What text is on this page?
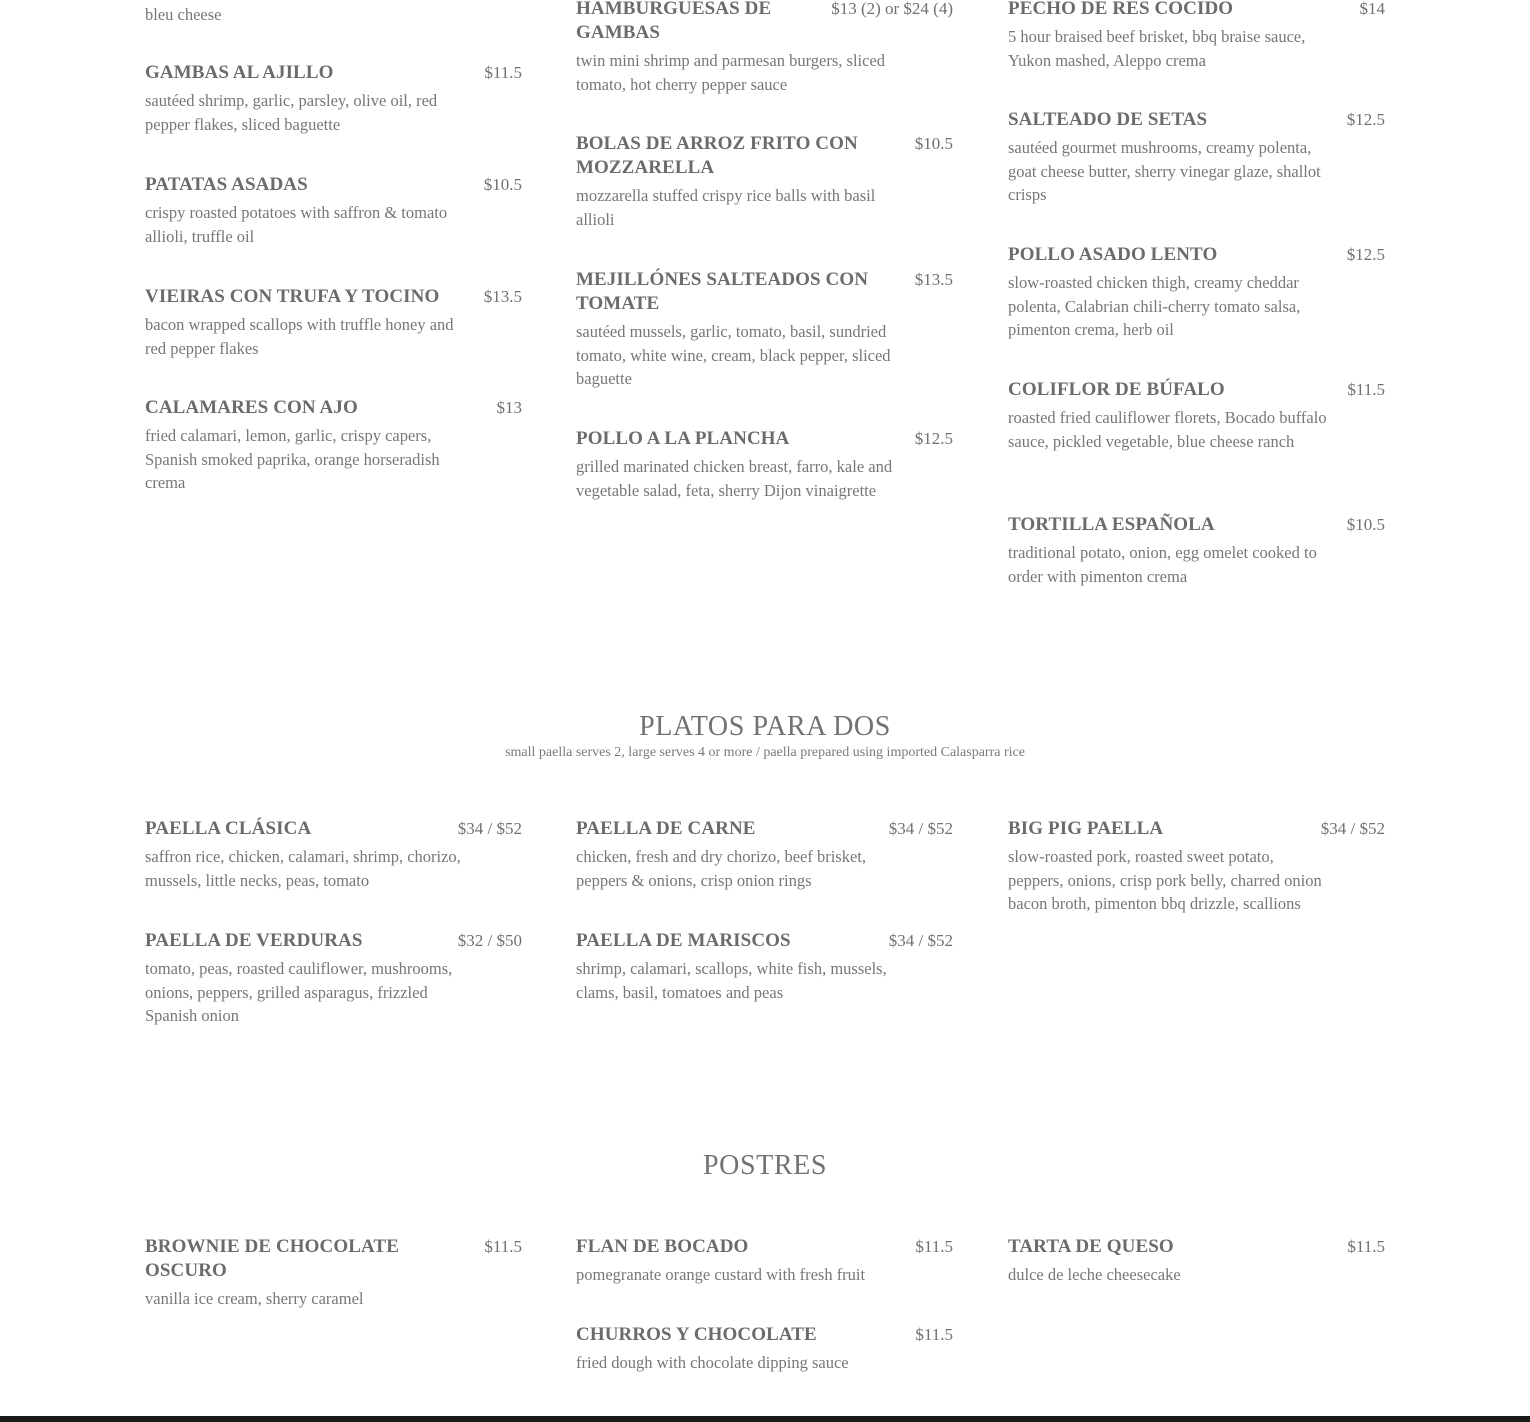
bleu cheese
GAMBAS AL AJILLO	$11.5
sautéed shrimp, garlic, parsley, olive oil, red pepper flakes, sliced baguette
PATATAS ASADAS	$10.5
crispy roasted potatoes with saffron & tomato allioli, truffle oil
VIEIRAS CON TRUFA Y TOCINO	$13.5
bacon wrapped scallops with truffle honey and red pepper flakes
CALAMARES CON AJO	$13
fried calamari, lemon, garlic, crispy capers, Spanish smoked paprika, orange horseradish crema
HAMBURGUESAS DE GAMBAS
$13 (2) or $24 (4)
twin mini shrimp and parmesan burgers, sliced tomato, hot cherry pepper sauce
BOLAS DE ARROZ FRITO CON MOZZARELLA
$10.5
mozzarella stuffed crispy rice balls with basil allioli
MEJILLÓNES SALTEADOS CON TOMATE
$13.5
sautéed mussels, garlic, tomato, basil, sundried tomato, white wine, cream, black pepper, sliced baguette
POLLO A LA PLANCHA	$12.5
grilled marinated chicken breast, farro, kale and vegetable salad, feta, sherry Dijon vinaigrette
PECHO DE RES COCIDO	$14
5 hour braised beef brisket, bbq braise sauce, Yukon mashed, Aleppo crema
SALTEADO DE SETAS	$12.5
sautéed gourmet mushrooms, creamy polenta, goat cheese butter, sherry vinegar glaze, shallot crisps
POLLO ASADO LENTO	$12.5
slow-roasted chicken thigh, creamy cheddar polenta, Calabrian chili-cherry tomato salsa, pimenton crema, herb oil
COLIFLOR DE BÚFALO	$11.5
roasted fried cauliflower florets, Bocado buffalo sauce, pickled vegetable, blue cheese ranch
TORTILLA ESPAÑOLA	$10.5
traditional potato, onion, egg omelet cooked to order with pimenton crema
PLATOS PARA DOS
small paella serves 2, large serves 4 or more / paella prepared using imported Calasparra rice
PAELLA CLÁSICA	$34 / $52
saffron rice, chicken, calamari, shrimp, chorizo, mussels, little necks, peas, tomato
PAELLA DE VERDURAS	$32 / $50
tomato, peas, roasted cauliflower, mushrooms, onions, peppers, grilled asparagus, frizzled Spanish onion
PAELLA DE CARNE	$34 / $52
chicken, fresh and dry chorizo, beef brisket, peppers & onions, crisp onion rings
PAELLA DE MARISCOS	$34 / $52
shrimp, calamari, scallops, white fish, mussels, clams, basil, tomatoes and peas
BIG PIG PAELLA	$34 / $52
slow-roasted pork, roasted sweet potato, peppers, onions, crisp pork belly, charred onion bacon broth, pimenton bbq drizzle, scallions
POSTRES
BROWNIE DE CHOCOLATE OSCURO
$11.5
vanilla ice cream, sherry caramel
FLAN DE BOCADO	$11.5
pomegranate orange custard with fresh fruit
CHURROS Y CHOCOLATE	$11.5
fried dough with chocolate dipping sauce
TARTA DE QUESO	$11.5
dulce de leche cheesecake
